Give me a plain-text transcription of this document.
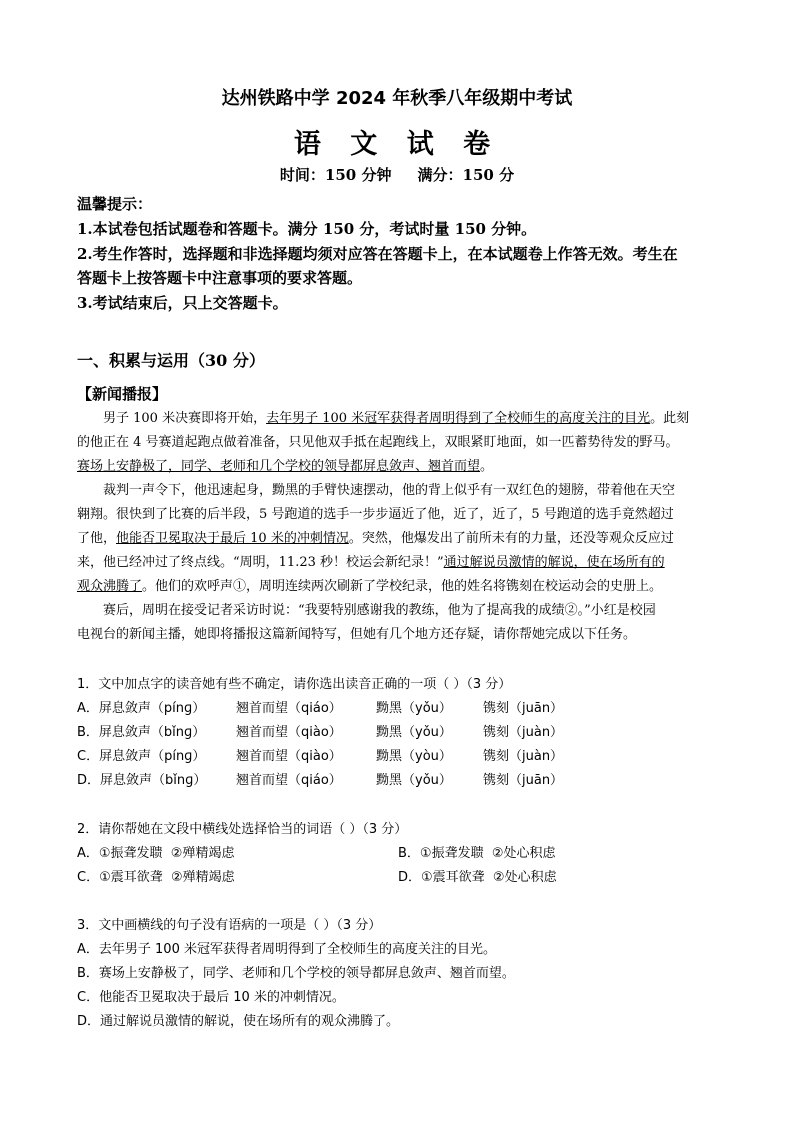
达州铁路中学 2024 年秋季八年级期中考试
语 文 试 卷
时间：150 分钟     满分：150 分
温馨提示：
1.本试卷包括试题卷和答题卡。满分 150 分，考试时量 150 分钟。
2.考生作答时，选择题和非选择题均须对应答在答题卡上，在本试题卷上作答无效。考生在
答题卡上按答题卡中注意事项的要求答题。
3.考试结束后，只上交答题卡。
一、积累与运用（30 分）
【新闻播报】

男子 100 米决赛即将开始，去年男子 100 米冠军获得者周明得到了全校师生的高度关注的目光。此刻

的他正在 4 号赛道起跑点做着准备，只见他双手抵在起跑线上，双眼紧盯地面，如一匹蓄势待发的野马。

赛场上安静极了，同学、老师和几个学校的领导都屏息敛声、翘首而望。

裁判一声令下，他迅速起身，黝黑的手臂快速摆动，他的背上似乎有一双红色的翅膀，带着他在天空

翱翔。很快到了比赛的后半段，5 号跑道的选手一步步逼近了他，近了，近了，5 号跑道的选手竟然超过

了他，他能否卫冕取决于最后 10 米的冲刺情况。突然，他爆发出了前所未有的力量，还没等观众反应过

来，他已经冲过了终点线。“周明，11.23 秒！校运会新纪录！”通过解说员激情的解说，使在场所有的

观众沸腾了。他们的欢呼声①，周明连续两次刷新了学校纪录，他的姓名将镌刻在校运动会的史册上。

赛后，周明在接受记者采访时说：“我要特别感谢我的教练，他为了提高我的成绩②。”小红是校园

电视台的新闻主播，她即将播报这篇新闻特写，但她有几个地方还存疑，请你帮她完成以下任务。

1．文中加点字的读音她有些不确定，请你选出读音正确的一项（ ）（3 分）
A．屏息敛声（pínɡ） 翘首而望（qiáo）	黝黑（yǒu） 镌刻（juān）
B．屏息敛声（bǐnɡ） 翘首而望（qiào）	黝黑（yǒu） 镌刻（juàn）
C．屏息敛声（pínɡ） 翘首而望（qiào）	黝黑（yòu） 镌刻（juàn）
D．屏息敛声（bǐnɡ） 翘首而望（qiáo）	黝黑（yǒu） 镌刻（juān）
2．请你帮她在文段中横线处选择恰当的词语（ ）（3 分）
A．①振聋发聩  ②殚精竭虑	B．①振聋发聩  ②处心积虑
C．①震耳欲聋  ②殚精竭虑	D．①震耳欲聋  ②处心积虑
3．文中画横线的句子没有语病的一项是（ ）（3 分）
A．去年男子 100 米冠军获得者周明得到了全校师生的高度关注的目光。
B．赛场上安静极了，同学、老师和几个学校的领导都屏息敛声、翘首而望。
C．他能否卫冕取决于最后 10 米的冲刺情况。
D．通过解说员激情的解说，使在场所有的观众沸腾了。
